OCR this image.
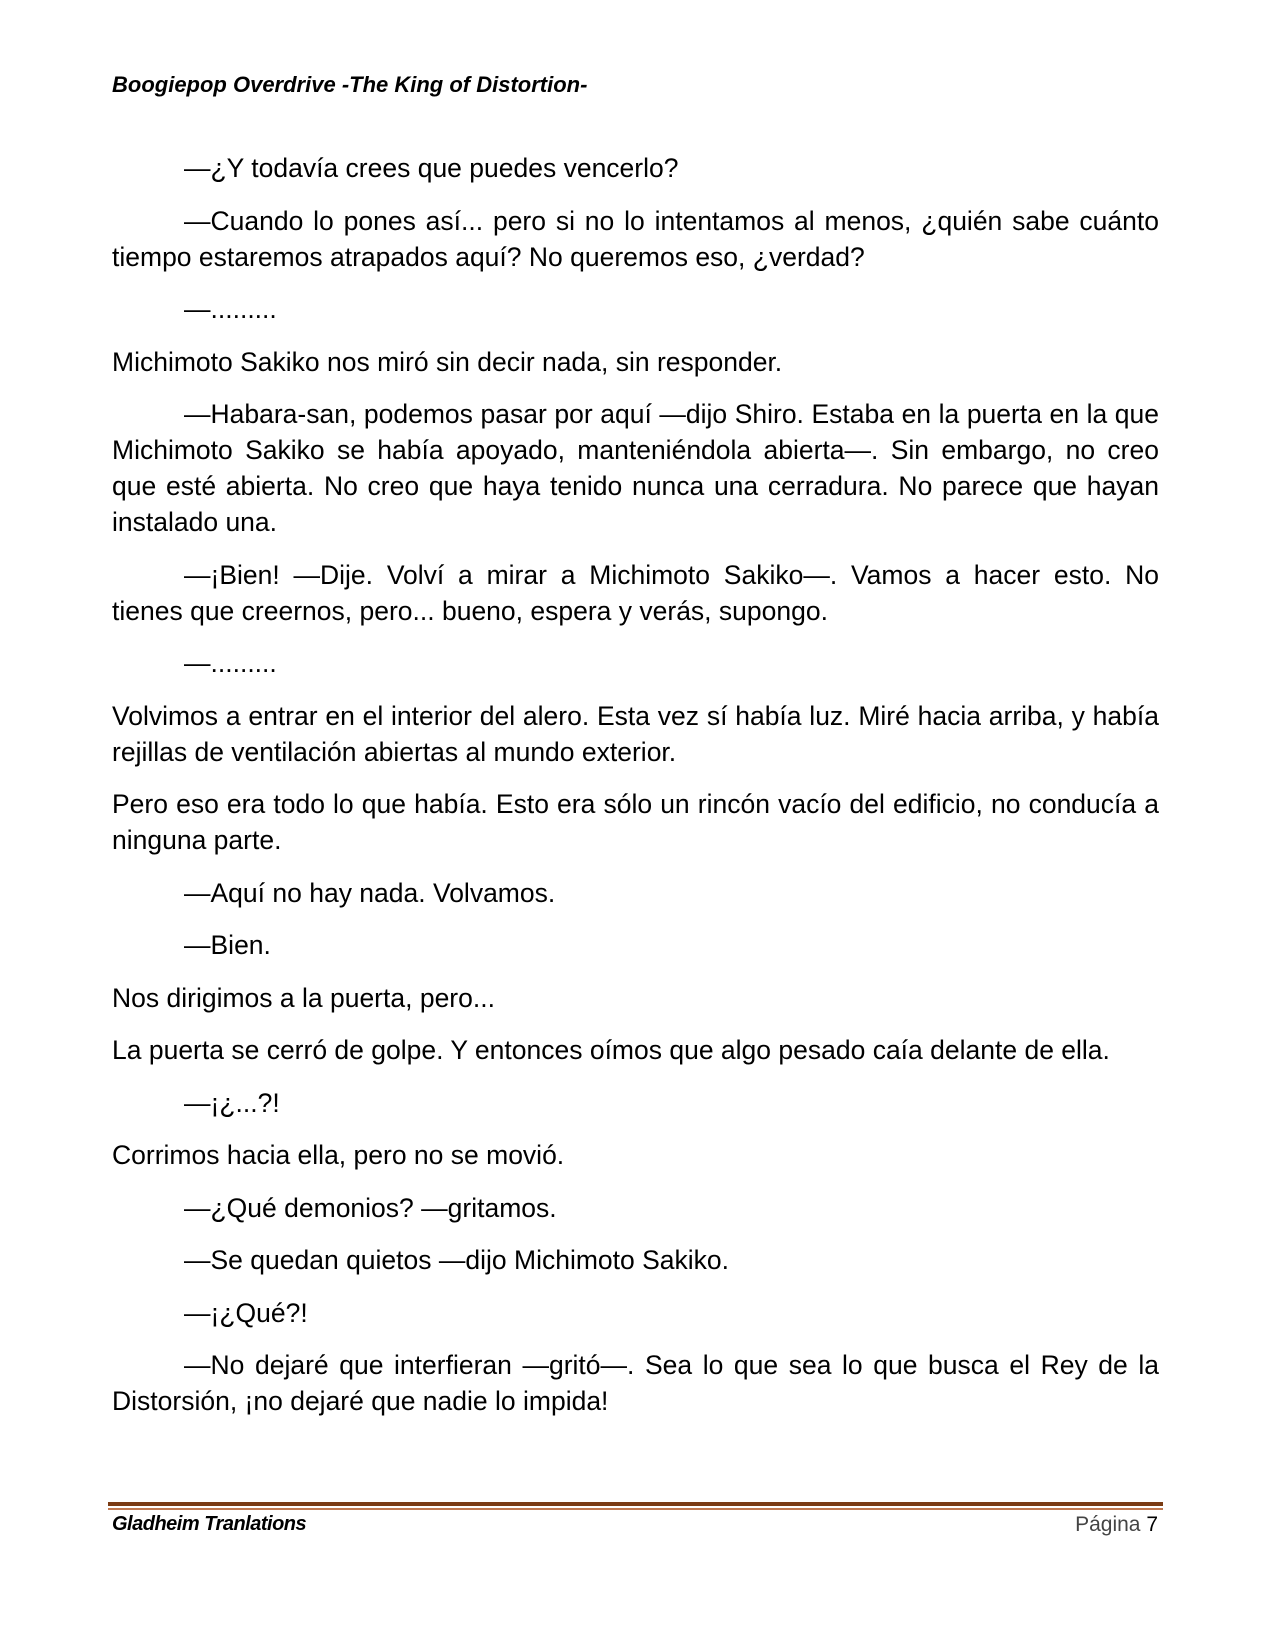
Boogiepop Overdrive -The King of Distortion-

—¿Y todavía crees que puedes vencerlo?

—Cuando lo pones así... pero si no lo intentamos al menos, ¿quién sabe cuánto tiempo estaremos atrapados aquí? No queremos eso, ¿verdad?

—.........

Michimoto Sakiko nos miró sin decir nada, sin responder.

—Habara-san, podemos pasar por aquí —dijo Shiro. Estaba en la puerta en la que Michimoto Sakiko se había apoyado, manteniéndola abierta—. Sin embargo, no creo que esté abierta. No creo que haya tenido nunca una cerradura. No parece que hayan instalado una.

—¡Bien! —Dije. Volví a mirar a Michimoto Sakiko—. Vamos a hacer esto. No tienes que creernos, pero... bueno, espera y verás, supongo.

—.........

Volvimos a entrar en el interior del alero. Esta vez sí había luz. Miré hacia arriba, y había rejillas de ventilación abiertas al mundo exterior.

Pero eso era todo lo que había. Esto era sólo un rincón vacío del edificio, no conducía a ninguna parte.

—Aquí no hay nada. Volvamos.

—Bien.

Nos dirigimos a la puerta, pero...

La puerta se cerró de golpe. Y entonces oímos que algo pesado caía delante de ella.

—¡¿...?!

Corrimos hacia ella, pero no se movió.

—¿Qué demonios? —gritamos.

—Se quedan quietos —dijo Michimoto Sakiko.

—¡¿Qué?!

—No dejaré que interfieran —gritó—. Sea lo que sea lo que busca el Rey de la Distorsión, ¡no dejaré que nadie lo impida!

Gladheim Tranlations	Página 7
